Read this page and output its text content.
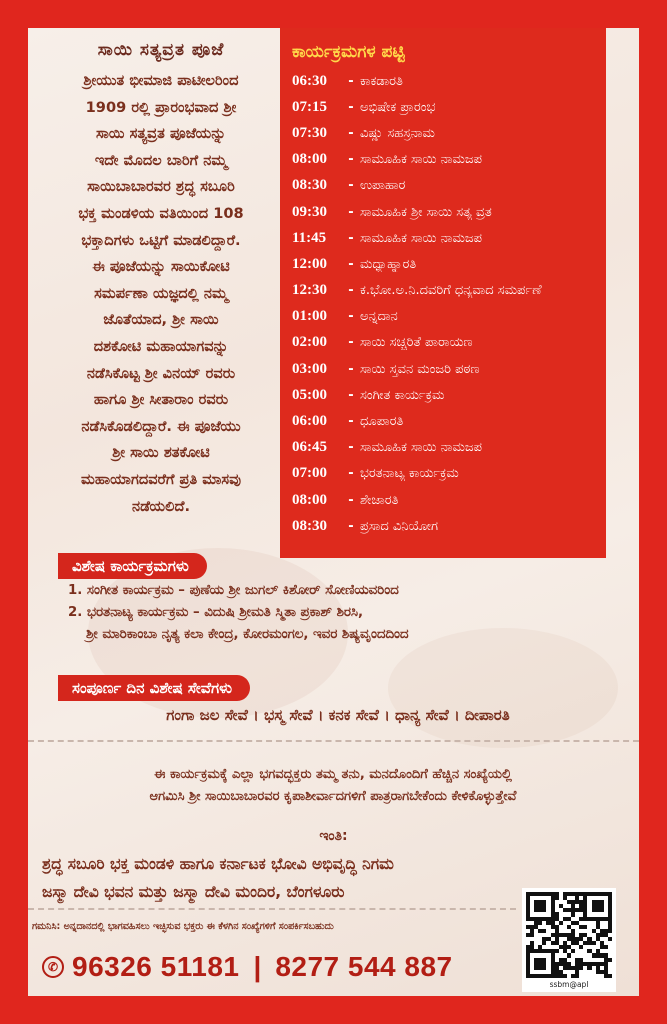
ಸಾಯಿ ಸತ್ಯವ್ರತ ಪೂಜೆ
ಶ್ರೀಯುತ ಭೀಮಾಜಿ ಪಾಟೀಲರಿಂದ
1909 ರಲ್ಲಿ ಪ್ರಾರಂಭವಾದ ಶ್ರೀ
ಸಾಯಿ ಸತ್ಯವ್ರತ ಪೂಜೆಯನ್ನು
ಇದೇ ಮೊದಲ ಬಾರಿಗೆ ನಮ್ಮ
ಸಾಯಿಬಾಬಾರವರ ಶ್ರದ್ಧ ಸಬೂರಿ
ಭಕ್ತ ಮಂಡಳಿಯ ವತಿಯಿಂದ 108
ಭಕ್ತಾದಿಗಳು ಒಟ್ಟಿಗೆ ಮಾಡಲಿದ್ದಾರೆ.
ಈ ಪೂಜೆಯನ್ನು ಸಾಯಿಕೋಟಿ
ಸಮರ್ಪಣಾ ಯಜ್ಞದಲ್ಲಿ ನಮ್ಮ
ಜೊತೆಯಾದ, ಶ್ರೀ ಸಾಯಿ
ದಶಕೋಟಿ ಮಹಾಯಾಗವನ್ನು
ನಡೆಸಿಕೊಟ್ಟ ಶ್ರೀ ವಿನಯ್ ರವರು
ಹಾಗೂ ಶ್ರೀ ಸೀತಾರಾಂ ರವರು
ನಡೆಸಿಕೊಡಲಿದ್ದಾರೆ. ಈ ಪೂಜೆಯು
ಶ್ರೀ ಸಾಯಿ ಶತಕೋಟಿ
ಮಹಾಯಾಗದವರೆಗೆ ಪ್ರತಿ ಮಾಸವು
ನಡೆಯಲಿದೆ.
ಕಾರ್ಯಕ್ರಮಗಳ ಪಟ್ಟಿ
06:30	- ಕಾಕಡಾರತಿ
07:15	- ಅಭಿಷೇಕ ಪ್ರಾರಂಭ
07:30	- ವಿಷ್ಣು ಸಹಸ್ರನಾಮ
08:00	- ಸಾಮೂಹಿಕ ಸಾಯಿ ನಾಮಜಪ
08:30	- ಉಪಾಹಾರ
09:30	- ಸಾಮೂಹಿಕ ಶ್ರೀ ಸಾಯಿ ಸತ್ಯ ವ್ರತ
11:45	- ಸಾಮೂಹಿಕ ಸಾಯಿ ನಾಮಜಪ
12:00	- ಮಧ್ಯಾಹ್ನಾರತಿ
12:30	- ಕ.ಭೋ.ಅ.ನಿ.ದವರಿಗೆ ಧನ್ಯವಾದ ಸಮರ್ಪಣೆ
01:00	- ಅನ್ನದಾನ
02:00	- ಸಾಯಿ ಸಚ್ಚರಿತೆ ಪಾರಾಯಣ
03:00	- ಸಾಯಿ ಸ್ತವನ ಮಂಜರಿ ಪಠಣ
05:00	- ಸಂಗೀತ ಕಾರ್ಯಕ್ರಮ
06:00	- ಧೂಪಾರತಿ
06:45	- ಸಾಮೂಹಿಕ ಸಾಯಿ ನಾಮಜಪ
07:00	- ಭರತನಾಟ್ಯ ಕಾರ್ಯಕ್ರಮ
08:00	- ಶೇಜಾರತಿ
08:30	- ಪ್ರಸಾದ ವಿನಿಯೋಗ
ವಿಶೇಷ ಕಾರ್ಯಕ್ರಮಗಳು
1. ಸಂಗೀತ ಕಾರ್ಯಕ್ರಮ – ಪುಣೆಯ ಶ್ರೀ ಜುಗಲ್ ಕಿಶೋರ್ ಸೋಣಿಯವರಿಂದ
2. ಭರತನಾಟ್ಯ ಕಾರ್ಯಕ್ರಮ – ವಿದುಷಿ ಶ್ರೀಮತಿ ಸ್ಮಿತಾ ಪ್ರಕಾಶ್ ಶಿರಸಿ,
ಶ್ರೀ ಮಾರಿಕಾಂಬಾ ನೃತ್ಯ ಕಲಾ ಕೇಂದ್ರ, ಕೋರಮಂಗಲ, ಇವರ ಶಿಷ್ಯವೃಂದದಿಂದ
ಸಂಪೂರ್ಣ ದಿನ ವಿಶೇಷ ಸೇವೆಗಳು
ಗಂಗಾ ಜಲ ಸೇವೆ । ಭಸ್ಮ ಸೇವೆ । ಕನಕ ಸೇವೆ । ಧಾನ್ಯ ಸೇವೆ । ದೀಪಾರತಿ
ಈ ಕಾರ್ಯಕ್ರಮಕ್ಕೆ ಎಲ್ಲಾ ಭಗವದ್ಭಕ್ತರು ತಮ್ಮ ತನು, ಮನದೊಂದಿಗೆ ಹೆಚ್ಚಿನ ಸಂಖ್ಯೆಯಲ್ಲಿ
ಆಗಮಿಸಿ ಶ್ರೀ ಸಾಯಿಬಾಬಾರವರ ಕೃಪಾಶೀರ್ವಾದಗಳಿಗೆ ಪಾತ್ರರಾಗಬೇಕೆಂದು ಕೇಳಿಕೊಳ್ಳುತ್ತೇವೆ
ಇಂತಿ:
ಶ್ರದ್ಧ ಸಬೂರಿ ಭಕ್ತ ಮಂಡಳಿ ಹಾಗೂ ಕರ್ನಾಟಕ ಭೋವಿ ಅಭಿವೃದ್ಧಿ ನಿಗಮ
ಜಸ್ಮಾ ದೇವಿ ಭವನ ಮತ್ತು ಜಸ್ಮಾ ದೇವಿ ಮಂದಿರ, ಬೆಂಗಳೂರು
ಗಮನಿಸಿ: ಅನ್ನದಾನದಲ್ಲಿ ಭಾಗವಹಿಸಲು ಇಚ್ಛಿಸುವ ಭಕ್ತರು ಈ ಕೆಳಗಿನ ಸಂಖ್ಯೆಗಳಿಗೆ ಸಂಪರ್ಕಿಸಬಹುದು
✆ 96326 51181 | 8277 544 887
ssbm@apl
